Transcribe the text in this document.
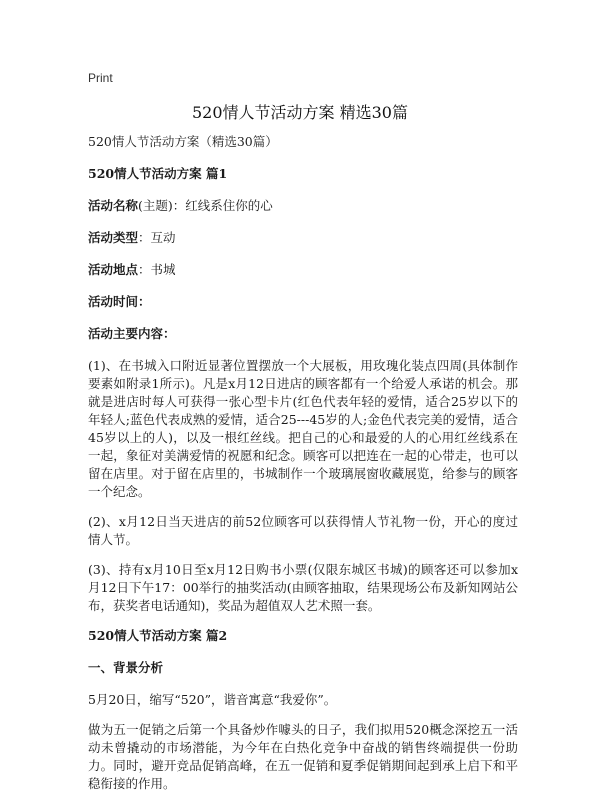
Print
520情人节活动方案 精选30篇

520情人节活动方案（精选30篇）

520情人节活动方案 篇1

活动名称(主题)：红线系住你的心

活动类型：互动

活动地点：书城

活动时间：

活动主要内容：

(1)、在书城入口附近显著位置摆放一个大展板，用玫瑰化装点四周(具体制作要素如附录1所示)。凡是x月12日进店的顾客都有一个给爱人承诺的机会。那就是进店时每人可获得一张心型卡片(红色代表年轻的爱情，适合25岁以下的年轻人;蓝色代表成熟的爱情，适合25---45岁的人;金色代表完美的爱情，适合45岁以上的人)，以及一根红丝线。把自己的心和最爱的人的心用红丝线系在一起，象征对美满爱情的祝愿和纪念。顾客可以把连在一起的心带走，也可以留在店里。对于留在店里的，书城制作一个玻璃展窗收藏展览，给参与的顾客一个纪念。

(2)、x月12日当天进店的前52位顾客可以获得情人节礼物一份，开心的度过情人节。

(3)、持有x月10日至x月12日购书小票(仅限东城区书城)的顾客还可以参加x月12日下午17：00举行的抽奖活动(由顾客抽取，结果现场公布及新知网站公布，获奖者电话通知)，奖品为超值双人艺术照一套。

520情人节活动方案 篇2

一、背景分析

5月20日，缩写“520”，谐音寓意“我爱你”。

做为五一促销之后第一个具备炒作噱头的日子，我们拟用520概念深挖五一活动未曾撬动的市场潜能，为今年在白热化竞争中奋战的销售终端提供一份助力。同时，避开竞品促销高峰，在五一促销和夏季促销期间起到承上启下和平稳衔接的作用。
